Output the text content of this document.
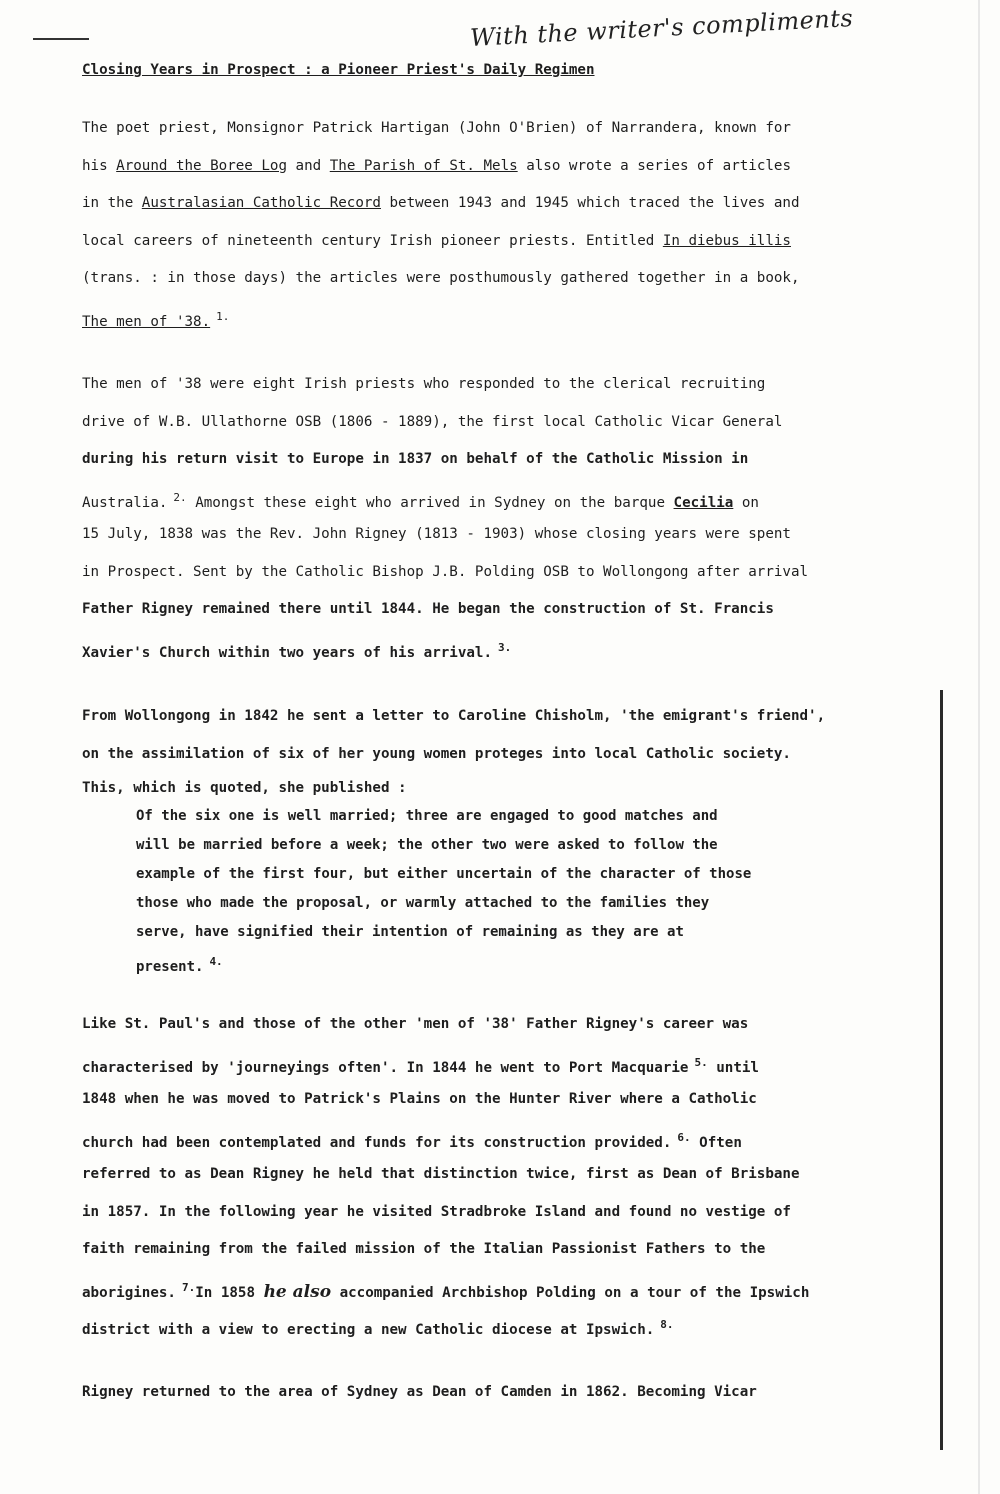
With the writer's compliments
Closing Years in Prospect : a Pioneer Priest's Daily Regimen
The poet priest, Monsignor Patrick Hartigan (John O'Brien) of Narrandera, known for
his Around the Boree Log and The Parish of St. Mels also wrote a series of articles
in the Australasian Catholic Record between 1943 and 1945 which traced the lives and
local careers of nineteenth century Irish pioneer priests. Entitled In diebus illis
(trans. : in those days) the articles were posthumously gathered together in a book,
The men of '38. $^{1.}$
The men of '38 were eight Irish priests who responded to the clerical recruiting
drive of W.B. Ullathorne OSB (1806 - 1889), the first local Catholic Vicar General
during his return visit to Europe in 1837 on behalf of the Catholic Mission in
Australia. $^{2.}$ Amongst these eight who arrived in Sydney on the barque Cecilia on
15 July, 1838 was the Rev. John Rigney (1813 - 1903) whose closing years were spent
in Prospect. Sent by the Catholic Bishop J.B. Polding OSB to Wollongong after arrival
Father Rigney remained there until 1844. He began the construction of St. Francis
Xavier's Church within two years of his arrival. $^{3.}$
From Wollongong in 1842 he sent a letter to Caroline Chisholm, 'the emigrant's friend',
on the assimilation of six of her young women proteges into local Catholic society.
This, which is quoted, she published :
Of the six one is well married; three are engaged to good matches and
will be married before a week; the other two were asked to follow the
example of the first four, but either uncertain of the character of those
those who made the proposal, or warmly attached to the families they
serve, have signified their intention of remaining as they are at
present. $^{4.}$
Like St. Paul's and those of the other 'men of '38' Father Rigney's career was
characterised by 'journeyings often'. In 1844 he went to Port Macquarie $^{5.}$ until
1848 when he was moved to Patrick's Plains on the Hunter River where a Catholic
church had been contemplated and funds for its construction provided. $^{6.}$ Often
referred to as Dean Rigney he held that distinction twice, first as Dean of Brisbane
in 1857. In the following year he visited Stradbroke Island and found no vestige of
faith remaining from the failed mission of the Italian Passionist Fathers to the
aborigines. $^{7.}$In 1858 he also accompanied Archbishop Polding on a tour of the Ipswich
district with a view to erecting a new Catholic diocese at Ipswich. $^{8.}$
Rigney returned to the area of Sydney as Dean of Camden in 1862. Becoming Vicar
